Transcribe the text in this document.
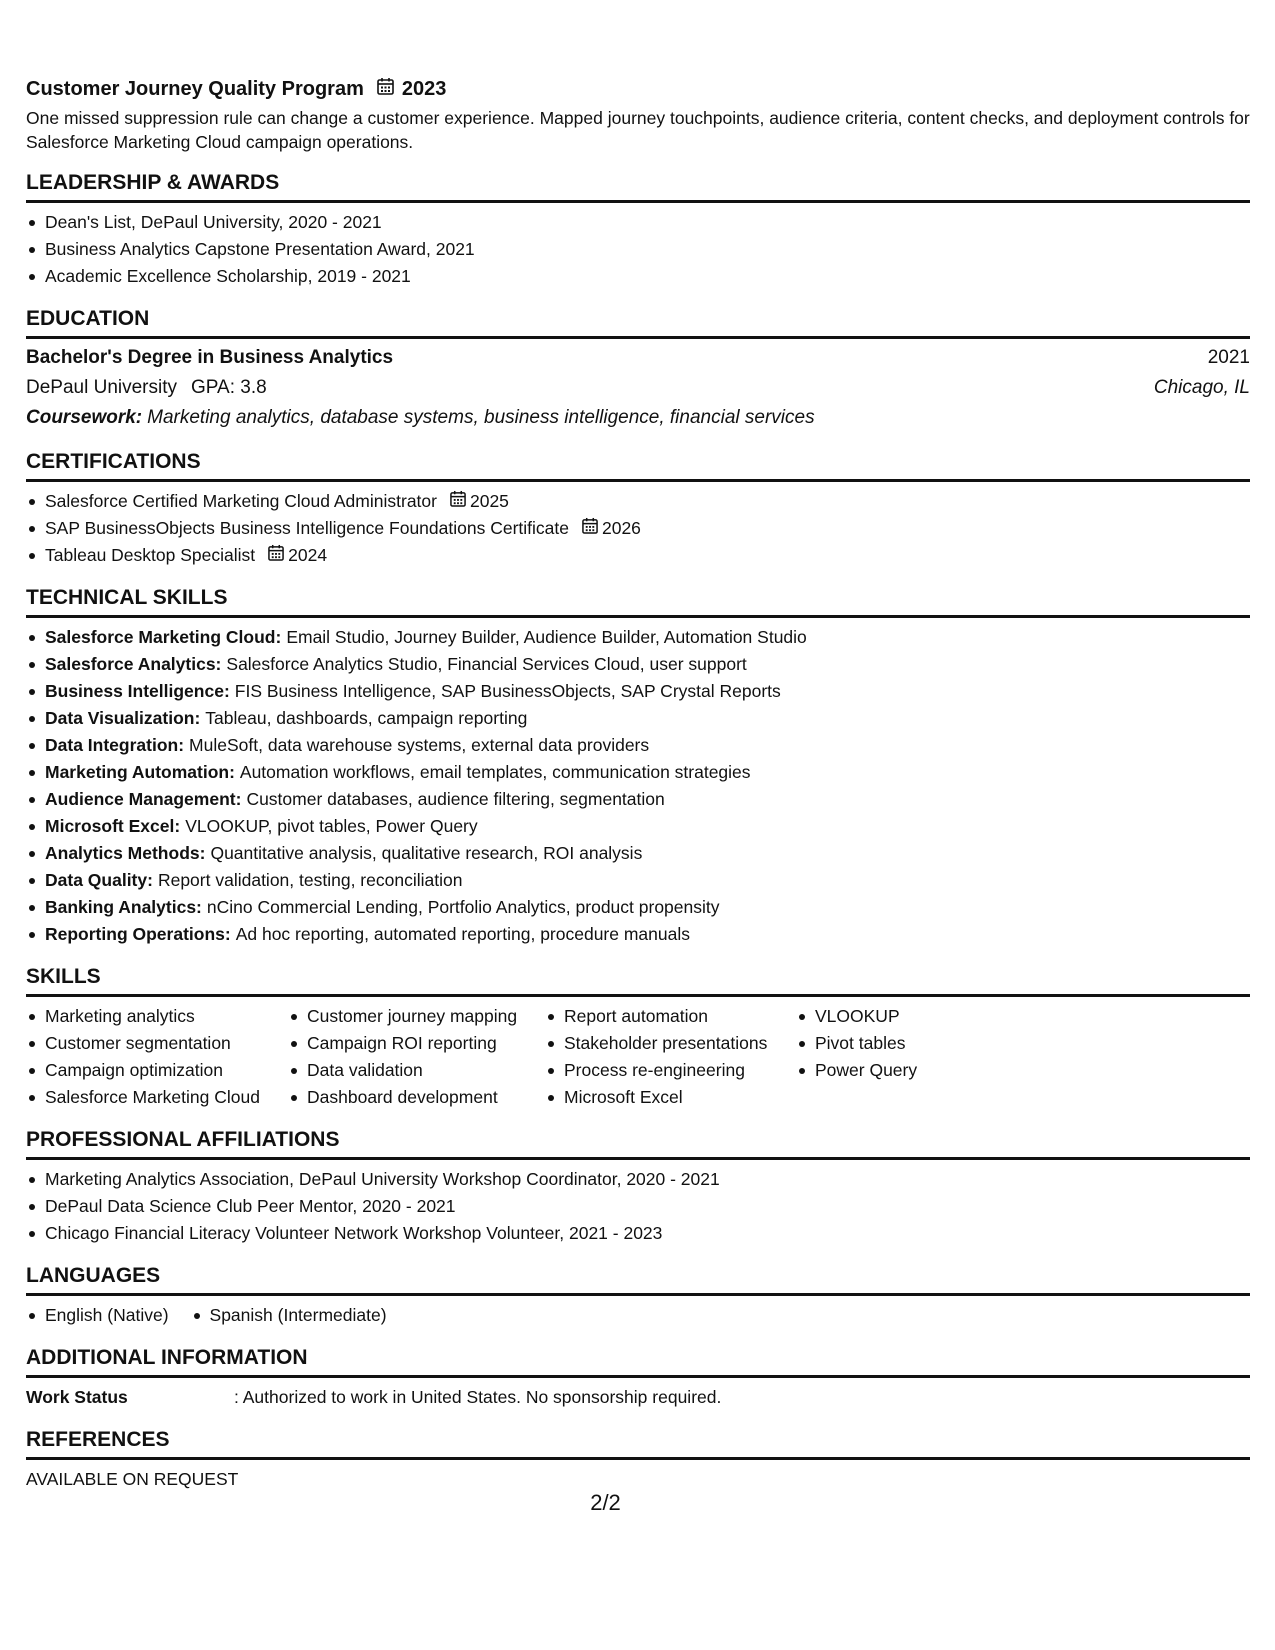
Customer Journey Quality Program 2023
One missed suppression rule can change a customer experience. Mapped journey touchpoints, audience criteria, content checks, and deployment controls for Salesforce Marketing Cloud campaign operations.
LEADERSHIP & AWARDS
Dean's List, DePaul University, 2020 - 2021
Business Analytics Capstone Presentation Award, 2021
Academic Excellence Scholarship, 2019 - 2021
EDUCATION
Bachelor's Degree in Business Analytics	2021
DePaul University GPA: 3.8	Chicago, IL
Coursework: Marketing analytics, database systems, business intelligence, financial services
CERTIFICATIONS
Salesforce Certified Marketing Cloud Administrator 2025
SAP BusinessObjects Business Intelligence Foundations Certificate 2026
Tableau Desktop Specialist 2024
TECHNICAL SKILLS
Salesforce Marketing Cloud: Email Studio, Journey Builder, Audience Builder, Automation Studio
Salesforce Analytics: Salesforce Analytics Studio, Financial Services Cloud, user support
Business Intelligence: FIS Business Intelligence, SAP BusinessObjects, SAP Crystal Reports
Data Visualization: Tableau, dashboards, campaign reporting
Data Integration: MuleSoft, data warehouse systems, external data providers
Marketing Automation: Automation workflows, email templates, communication strategies
Audience Management: Customer databases, audience filtering, segmentation
Microsoft Excel: VLOOKUP, pivot tables, Power Query
Analytics Methods: Quantitative analysis, qualitative research, ROI analysis
Data Quality: Report validation, testing, reconciliation
Banking Analytics: nCino Commercial Lending, Portfolio Analytics, product propensity
Reporting Operations: Ad hoc reporting, automated reporting, procedure manuals
SKILLS
Marketing analytics
Customer segmentation
Campaign optimization
Salesforce Marketing Cloud
Customer journey mapping
Campaign ROI reporting
Data validation
Dashboard development
Report automation
Stakeholder presentations
Process re-engineering
Microsoft Excel
VLOOKUP
Pivot tables
Power Query
PROFESSIONAL AFFILIATIONS
Marketing Analytics Association, DePaul University Workshop Coordinator, 2020 - 2021
DePaul Data Science Club Peer Mentor, 2020 - 2021
Chicago Financial Literacy Volunteer Network Workshop Volunteer, 2021 - 2023
LANGUAGES
English (Native)	Spanish (Intermediate)
ADDITIONAL INFORMATION
Work Status	: Authorized to work in United States. No sponsorship required.
REFERENCES
AVAILABLE ON REQUEST
2/2
